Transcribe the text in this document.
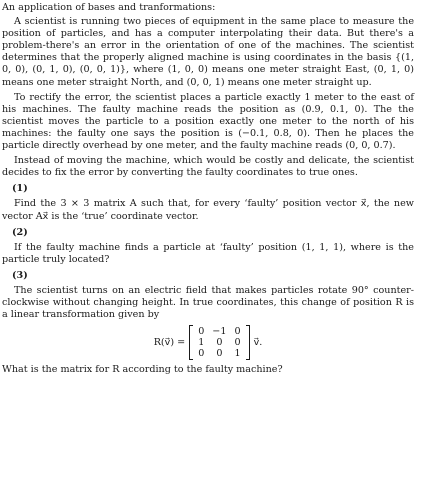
An application of bases and tranformations:

A scientist is running two pieces of equipment in the same place to measure the position of particles, and has a computer interpolating their data. But there's a problem-there's an error in the orientation of one of the machines. The scientist determines that the properly aligned machine is using coordinates in the basis {(1, 0, 0), (0, 1, 0), (0, 0, 1)}, where (1, 0, 0) means one meter straight East, (0, 1, 0) means one meter straight North, and (0, 0, 1) means one meter straight up.

To rectify the error, the scientist places a particle exactly 1 meter to the east of his machines. The faulty machine reads the position as (0.9, 0.1, 0). The the scientist moves the particle to a position exactly one meter to the north of his machines: the faulty one says the position is (−0.1, 0.8, 0). Then he places the particle directly overhead by one meter, and the faulty machine reads (0, 0, 0.7).

Instead of moving the machine, which would be costly and delicate, the scientist decides to fix the error by converting the faulty coordinates to true ones.

(1)

Find the 3 × 3 matrix A such that, for every ‘faulty’ position vector x⃗, the new vector Ax⃗ is the ‘true’ coordinate vector.

(2)

If the faulty machine finds a particle at ‘faulty’ position (1, 1, 1), where is the particle truly located?

(3)

The scientist turns on an electric field that makes particles rotate 90° counter-clockwise without changing height. In true coordinates, this change of position R is a linear transformation given by

R(v⃗) =
0	−1	0
1	0	0
0	0	1
v⃗.

What is the matrix for R according to the faulty machine?
